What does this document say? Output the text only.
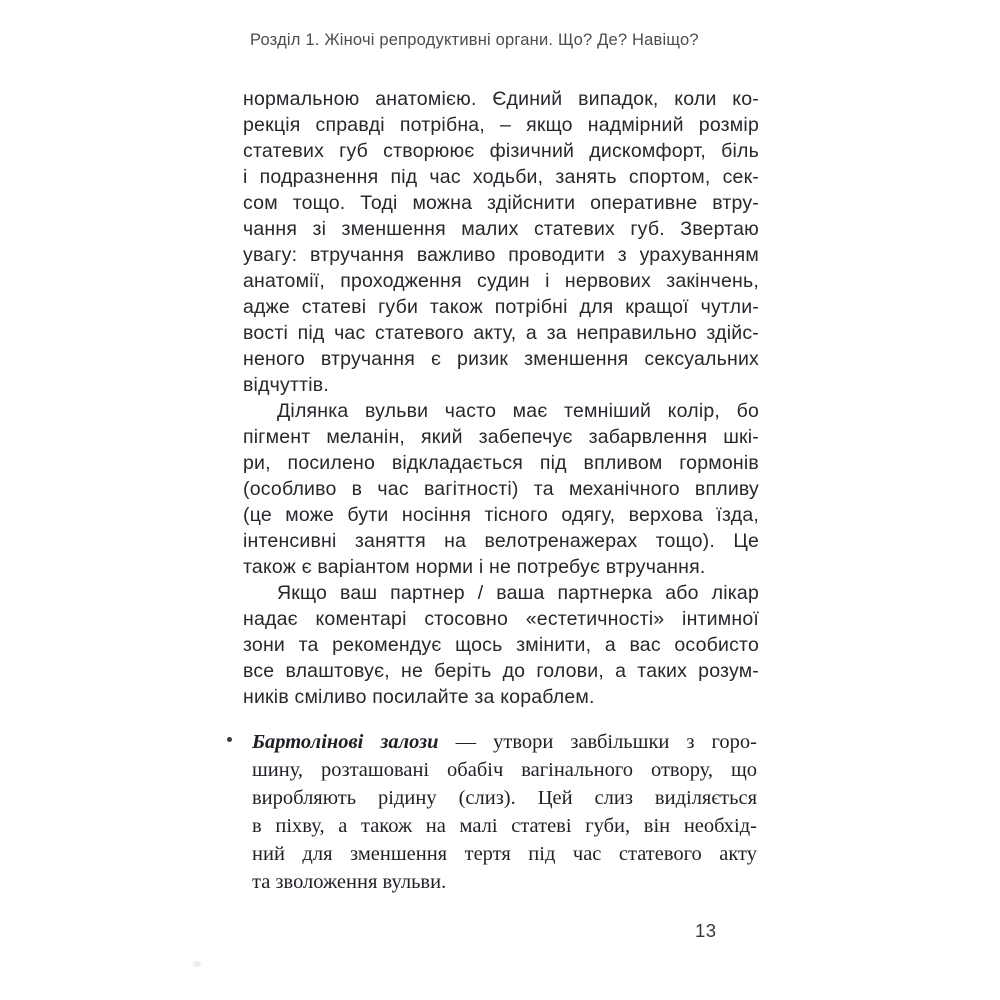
Розділ 1. Жіночі репродуктивні органи. Що? Де? Навіщо?
нормальною анатомією. Єдиний випадок, коли ко-
рекція справді потрібна, – якщо надмірний розмір
статевих губ створюює фізичний дискомфорт, біль
і подразнення під час ходьби, занять спортом, сек-
сом тощо. Тоді можна здійснити оперативне втру-
чання зі зменшення малих статевих губ. Звертаю
увагу: втручання важливо проводити з урахуванням
анатомії, проходження судин і нервових закінчень,
адже статеві губи також потрібні для кращої чутли-
вості під час статевого акту, а за неправильно здійс-
неного втручання є ризик зменшення сексуальних
відчуттів.
Ділянка вульви часто має темніший колір, бо
пігмент меланін, який забепечує забарвлення шкі-
ри, посилено відкладається під впливом гормонів
(особливо в час вагітності) та механічного впливу
(це може бути носіння тісного одягу, верхова їзда,
інтенсивні заняття на велотренажерах тощо). Це
також є варіантом норми і не потребує втручання.
Якщо ваш партнер / ваша партнерка або лікар
надає коментарі стосовно «естетичності» інтимної
зони та рекомендує щось змінити, а вас особисто
все влаштовує, не беріть до голови, а таких розум-
ників сміливо посилайте за кораблем.
Бартолінові залози — утвори завбільшки з горо-
шину, розташовані обабіч вагінального отвору, що
виробляють рідину (слиз). Цей слиз виділяється
в піхву, а також на малі статеві губи, він необхід-
ний для зменшення тертя під час статевого акту
та зволоження вульви.
13
